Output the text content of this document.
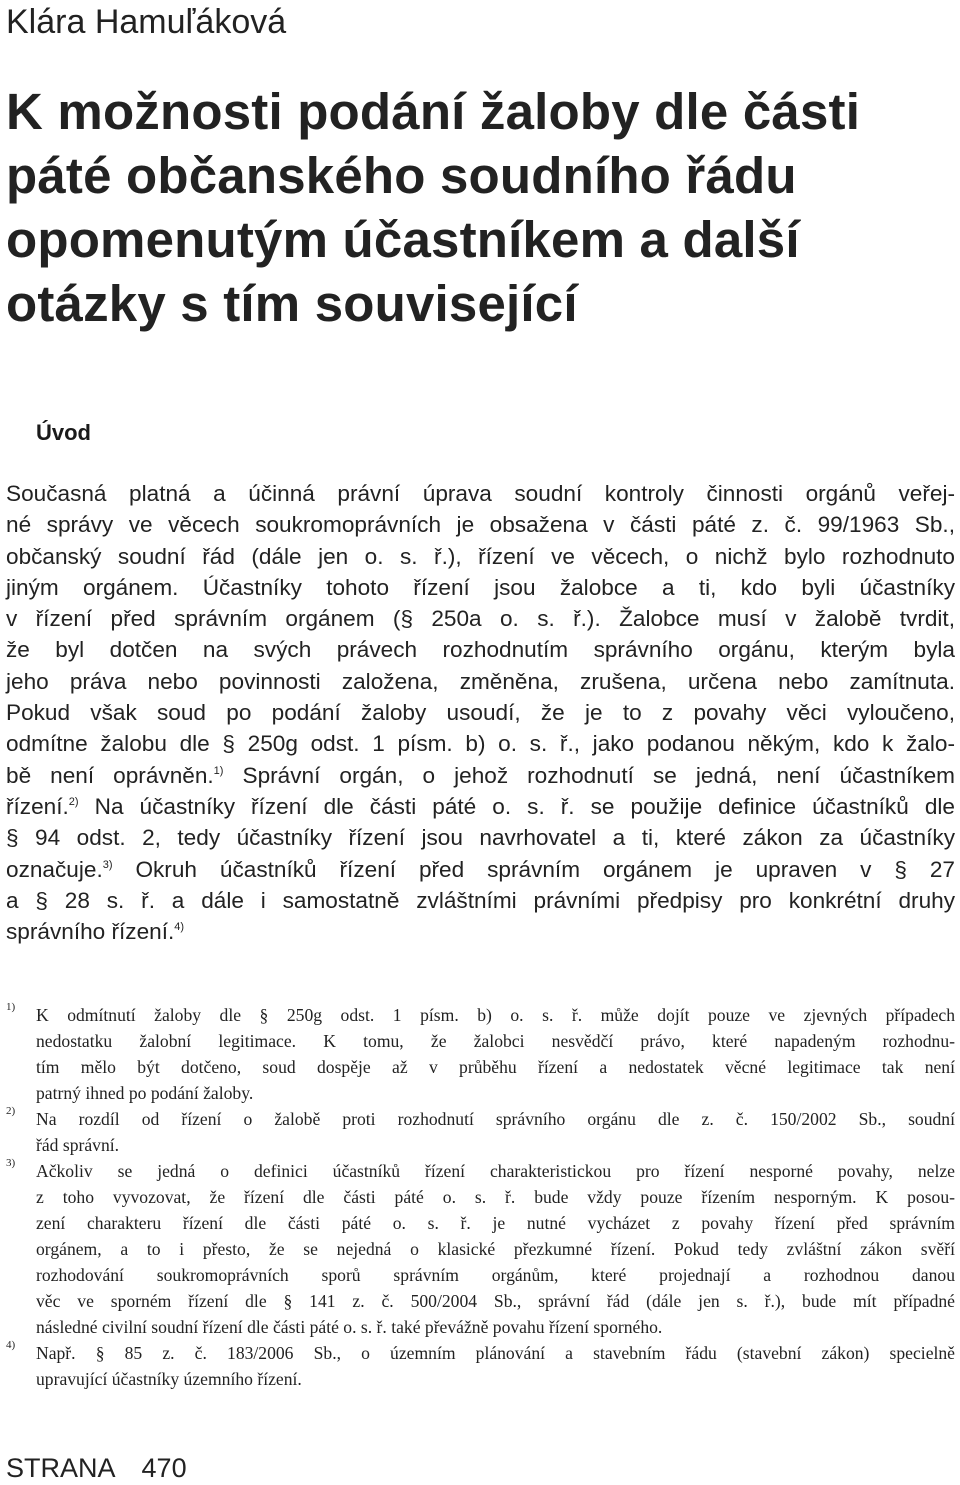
Klára Hamuľáková
K možnosti podání žaloby dle části
páté občanského soudního řádu
opomenutým účastníkem a další
otázky s tím související
Úvod
Současná platná a účinná právní úprava soudní kontroly činnosti orgánů veřej-
né správy ve věcech soukromoprávních je obsažena v části páté z. č. 99/1963 Sb.,
občanský soudní řád (dále jen o. s. ř.), řízení ve věcech, o nichž bylo rozhodnuto
jiným orgánem. Účastníky tohoto řízení jsou žalobce a ti, kdo byli účastníky
v řízení před správním orgánem (§ 250a o. s. ř.). Žalobce musí v žalobě tvrdit,
že byl dotčen na svých právech rozhodnutím správního orgánu, kterým byla
jeho práva nebo povinnosti založena, změněna, zrušena, určena nebo zamítnuta.
Pokud však soud po podání žaloby usoudí, že je to z povahy věci vyloučeno,
odmítne žalobu dle § 250g odst. 1 písm. b) o. s. ř., jako podanou někým, kdo k žalo-
bě není oprávněn.$^{1)}$ Správní orgán, o jehož rozhodnutí se jedná, není účastníkem
řízení.$^{2)}$ Na účastníky řízení dle části páté o. s. ř. se použije definice účastníků dle
§ 94 odst. 2, tedy účastníky řízení jsou navrhovatel a ti, které zákon za účastníky
označuje.$^{3)}$ Okruh účastníků řízení před správním orgánem je upraven v § 27
a § 28 s. ř. a dále i samostatně zvláštními právními předpisy pro konkrétní druhy
správního řízení.$^{4)}$
1) K odmítnutí žaloby dle § 250g odst. 1 písm. b) o. s. ř. může dojít pouze ve zjevných případech
nedostatku žalobní legitimace. K tomu, že žalobci nesvědčí právo, které napadeným rozhodnu-
tím mělo být dotčeno, soud dospěje až v průběhu řízení a nedostatek věcné legitimace tak není
patrný ihned po podání žaloby.
2) Na rozdíl od řízení o žalobě proti rozhodnutí správního orgánu dle z. č. 150/2002 Sb., soudní
řád správní.
3) Ačkoliv se jedná o definici účastníků řízení charakteristickou pro řízení nesporné povahy, nelze
z toho vyvozovat, že řízení dle části páté o. s. ř. bude vždy pouze řízením nesporným. K posou-
zení charakteru řízení dle části páté o. s. ř. je nutné vycházet z povahy řízení před správním
orgánem, a to i přesto, že se nejedná o klasické přezkumné řízení. Pokud tedy zvláštní zákon svěří
rozhodování soukromoprávních sporů správním orgánům, které projednají a rozhodnou danou
věc ve sporném řízení dle § 141 z. č. 500/2004 Sb., správní řád (dále jen s. ř.), bude mít případné
následné civilní soudní řízení dle části páté o. s. ř. také převážně povahu řízení sporného.
4) Např. § 85 z. č. 183/2006 Sb., o územním plánování a stavebním řádu (stavební zákon) specielně
upravující účastníky územního řízení.
STRANA 470
